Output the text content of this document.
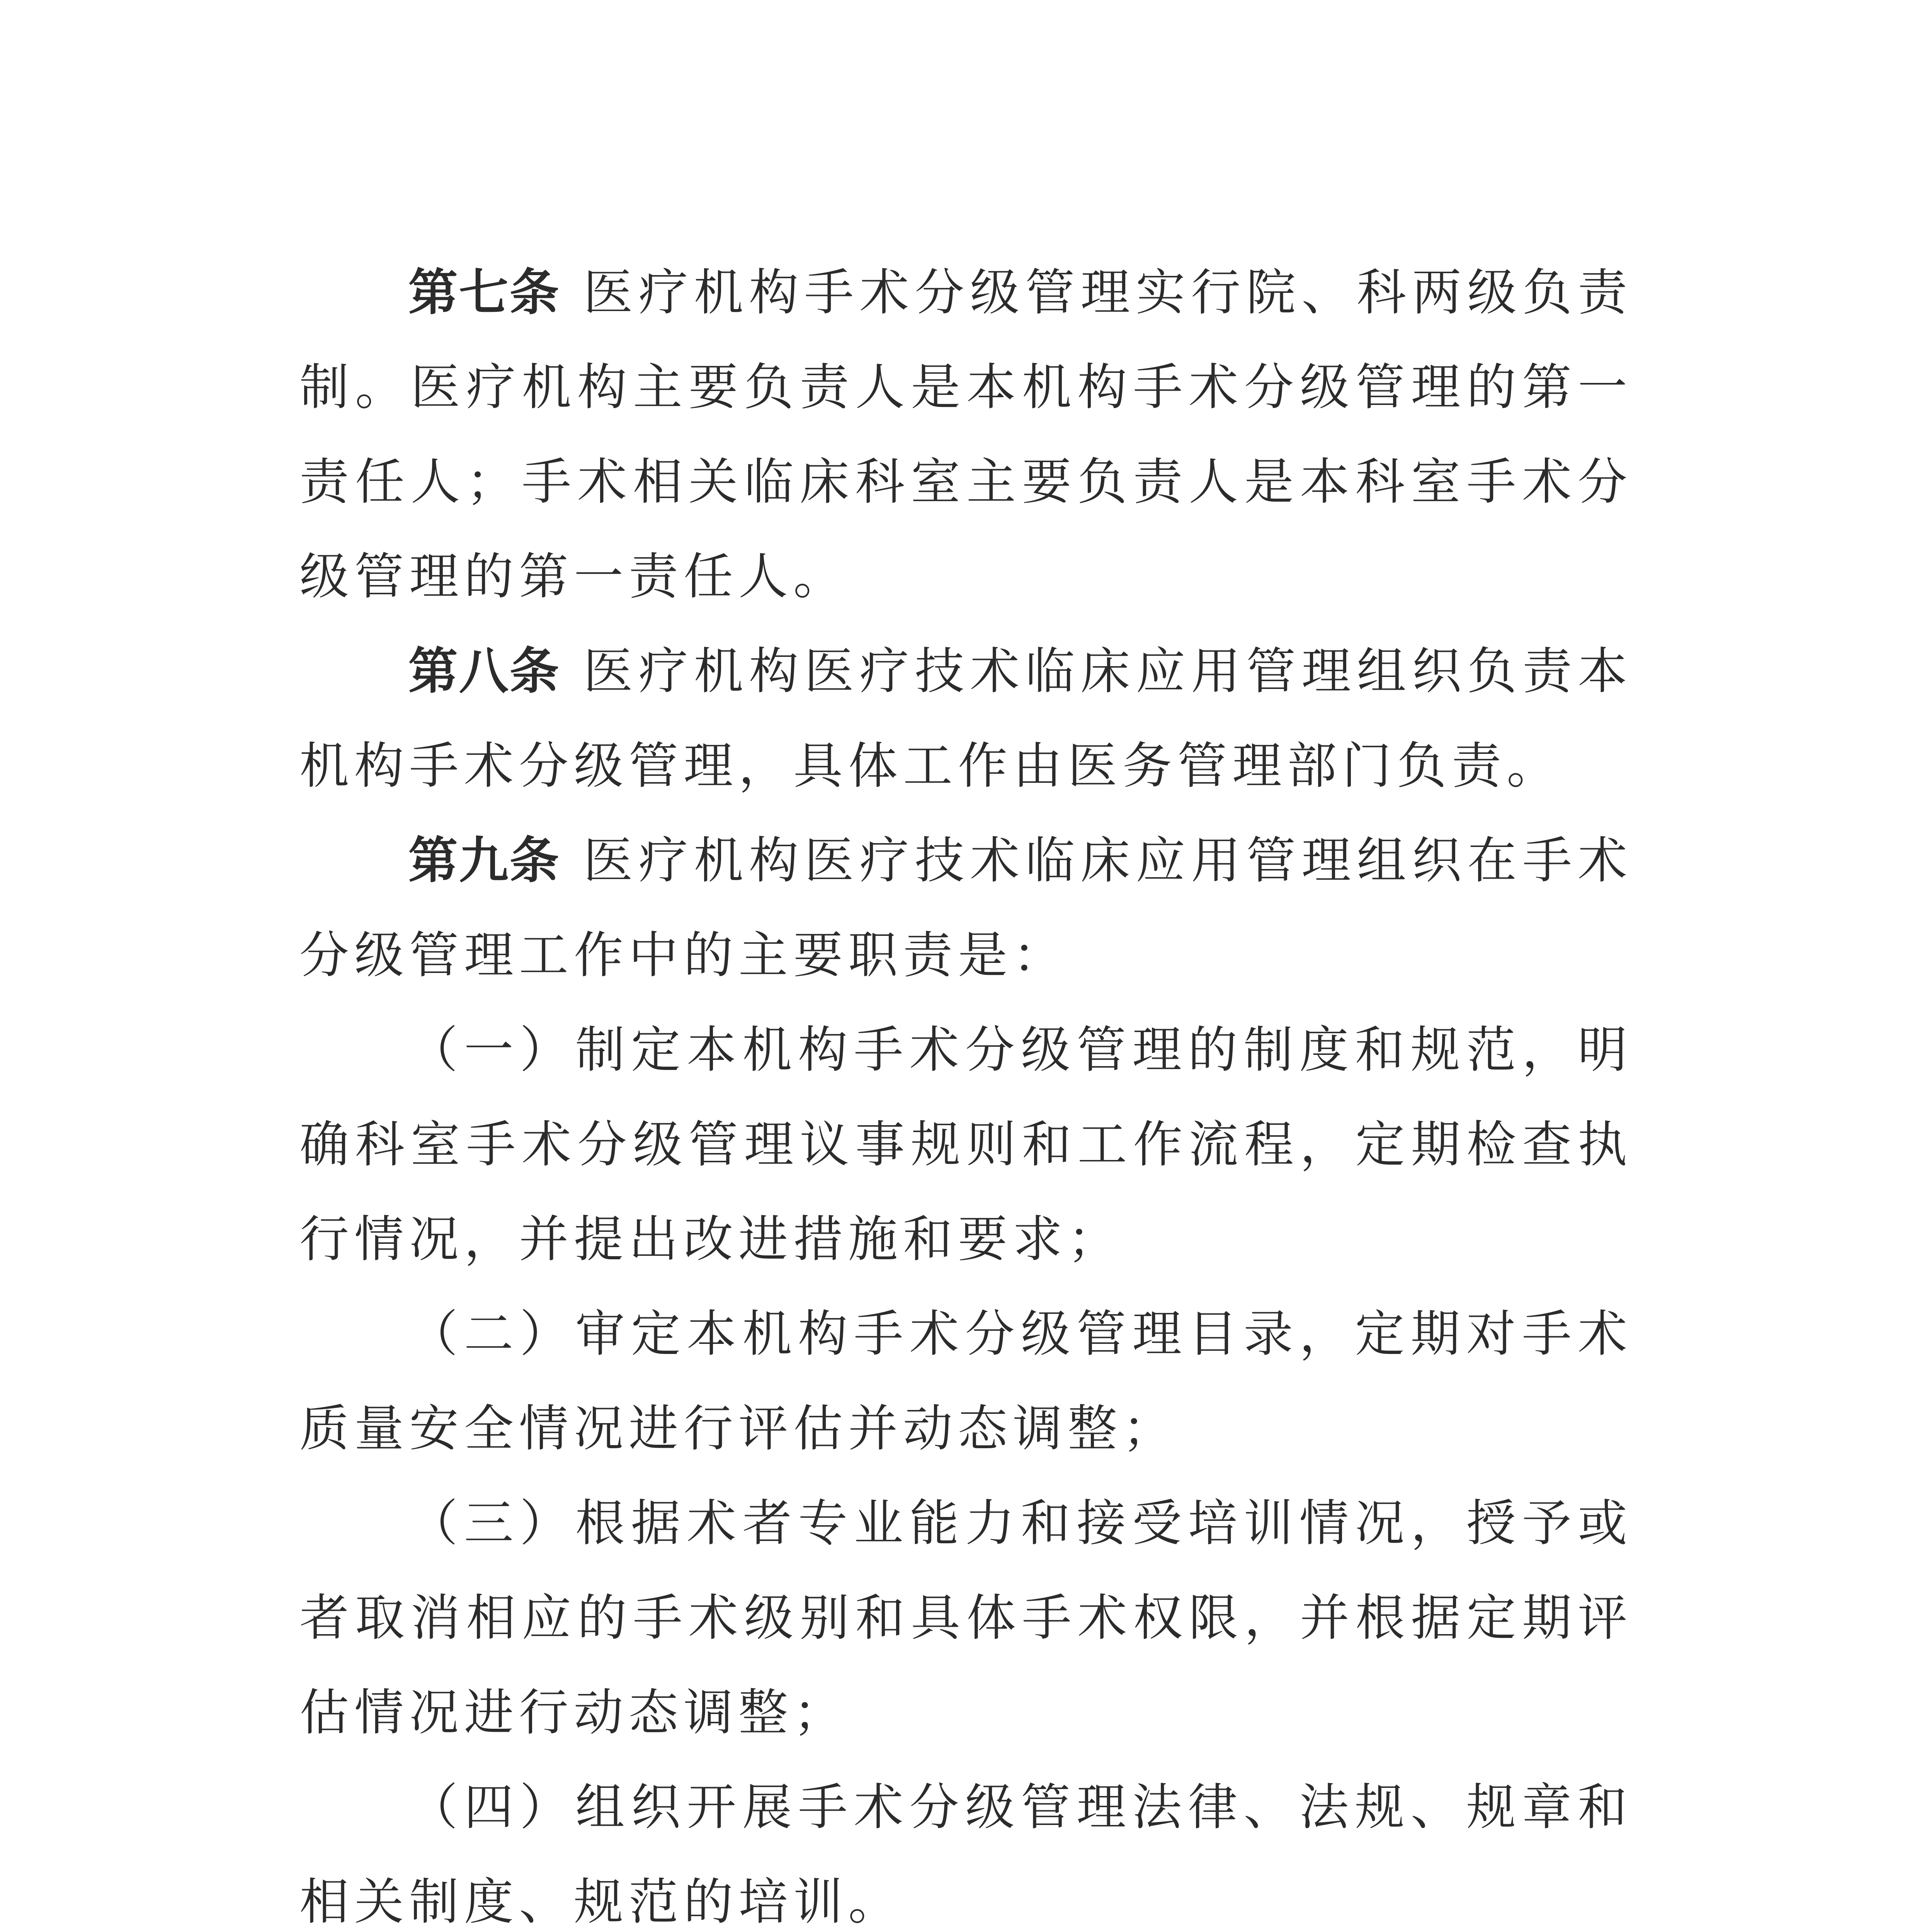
第七条 医疗机构手术分级管理实行院、科两级负责制。医疗机构主要负责人是本机构手术分级管理的第一责任人；手术相关临床科室主要负责人是本科室手术分级管理的第一责任人。

第八条 医疗机构医疗技术临床应用管理组织负责本机构手术分级管理，具体工作由医务管理部门负责。

第九条 医疗机构医疗技术临床应用管理组织在手术分级管理工作中的主要职责是：

（一）制定本机构手术分级管理的制度和规范，明确科室手术分级管理议事规则和工作流程，定期检查执行情况，并提出改进措施和要求；

（二）审定本机构手术分级管理目录，定期对手术质量安全情况进行评估并动态调整；

（三）根据术者专业能力和接受培训情况，授予或者取消相应的手术级别和具体手术权限，并根据定期评估情况进行动态调整；

（四）组织开展手术分级管理法律、法规、规章和相关制度、规范的培训。
